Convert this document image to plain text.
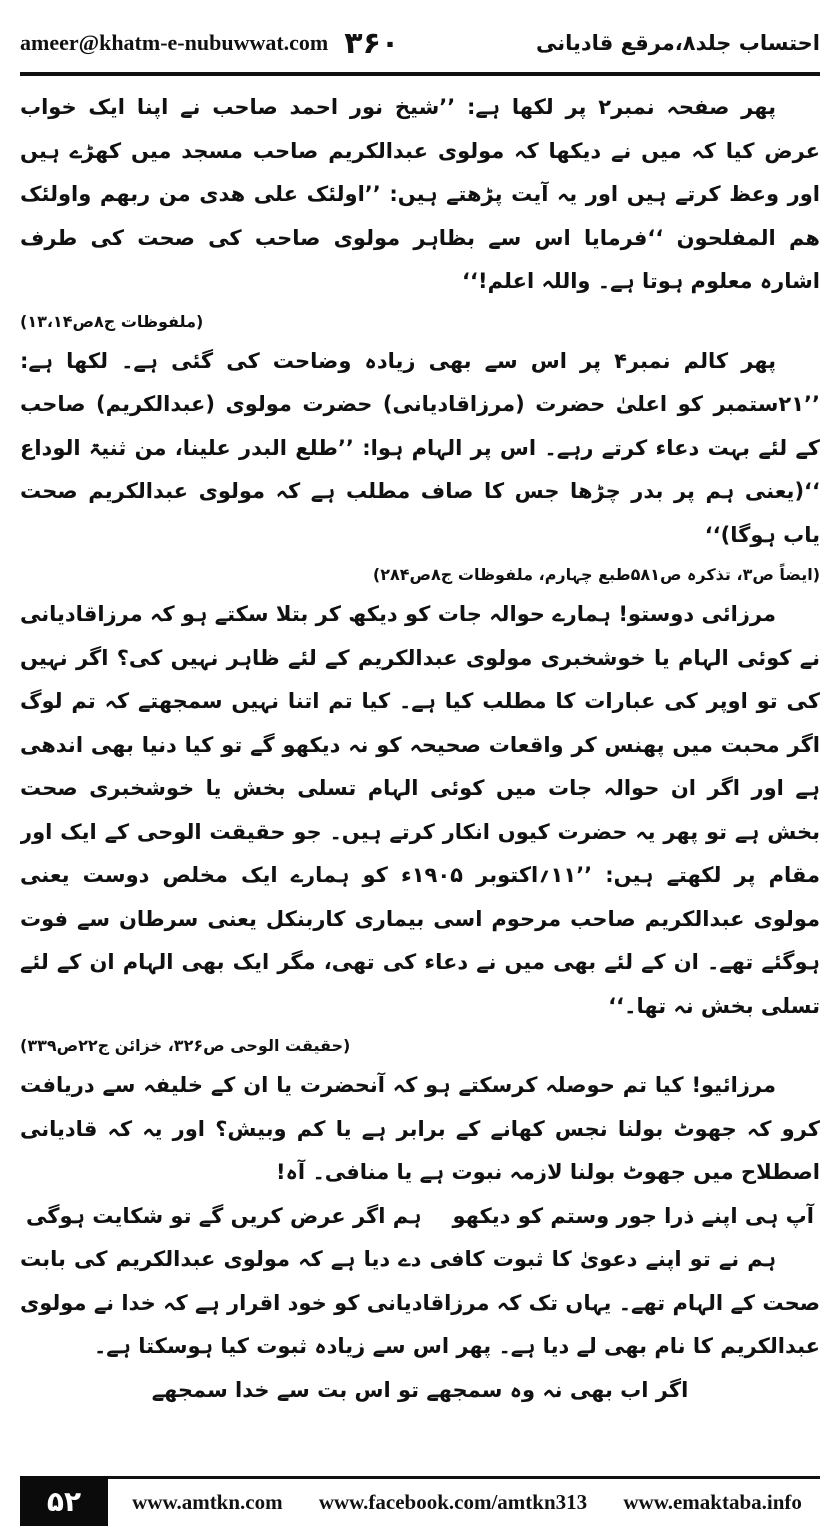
ameer@khatm-e-nubuwwat.com ۳۶۰	احتساب جلد۸،مرقع قادیانی

پھر صفحہ نمبر۲ پر لکھا ہے: ’’شیخ نور احمد صاحب نے اپنا ایک خواب عرض کیا کہ میں نے دیکھا کہ مولوی عبدالکریم صاحب مسجد میں کھڑے ہیں اور وعظ کرتے ہیں اور یہ آیت پڑھتے ہیں: ’’اولئک علی ھدی من ربھم واولئک ھم المفلحون ‘‘فرمایا اس سے بظاہر مولوی صاحب کی صحت کی طرف اشارہ معلوم ہوتا ہے۔ واللہ اعلم!‘‘

(ملفوظات ج۸ص۱۳،۱۴)

پھر کالم نمبر۴ پر اس سے بھی زیادہ وضاحت کی گئی ہے۔ لکھا ہے: ’’۲۱ستمبر کو اعلیٰ حضرت (مرزاقادیانی) حضرت مولوی (عبدالکریم) صاحب کے لئے بہت دعاء کرتے رہے۔ اس پر الہام ہوا: ’’طلع البدر علینا، من ثنیۃ الوداع ‘‘(یعنی ہم پر بدر چڑھا جس کا صاف مطلب ہے کہ مولوی عبدالکریم صحت یاب ہوگا)‘‘

(ایضاً ص۳، تذکرہ ص۵۸۱طبع چہارم، ملفوظات ج۸ص۲۸۴)

مرزائی دوستو! ہمارے حوالہ جات کو دیکھ کر بتلا سکتے ہو کہ مرزاقادیانی نے کوئی الہام یا خوشخبری مولوی عبدالکریم کے لئے ظاہر نہیں کی؟ اگر نہیں کی تو اوپر کی عبارات کا مطلب کیا ہے۔ کیا تم اتنا نہیں سمجھتے کہ تم لوگ اگر محبت میں پھنس کر واقعات صحیحہ کو نہ دیکھو گے تو کیا دنیا بھی اندھی ہے اور اگر ان حوالہ جات میں کوئی الہام تسلی بخش یا خوشخبری صحت بخش ہے تو پھر یہ حضرت کیوں انکار کرتے ہیں۔ جو حقیقت الوحی کے ایک اور مقام پر لکھتے ہیں: ’’۱۱؍اکتوبر ۱۹۰۵ء کو ہمارے ایک مخلص دوست یعنی مولوی عبدالکریم صاحب مرحوم اسی بیماری کاربنکل یعنی سرطان سے فوت ہوگئے تھے۔ ان کے لئے بھی میں نے دعاء کی تھی، مگر ایک بھی الہام ان کے لئے تسلی بخش نہ تھا۔‘‘

(حقیقت الوحی ص۳۲۶، خزائن ج۲۲ص۳۳۹)

مرزائیو! کیا تم حوصلہ کرسکتے ہو کہ آنحضرت یا ان کے خلیفہ سے دریافت کرو کہ جھوٹ بولنا نجس کھانے کے برابر ہے یا کم وبیش؟ اور یہ کہ قادیانی اصطلاح میں جھوٹ بولنا لازمہ نبوت ہے یا منافی۔ آہ!

آپ ہی اپنے ذرا جور وستم کو دیکھو
ہم اگر عرض کریں گے تو شکایت ہوگی

ہم نے تو اپنے دعویٰ کا ثبوت کافی دے دیا ہے کہ مولوی عبدالکریم کی بابت صحت کے الہام تھے۔ یہاں تک کہ مرزاقادیانی کو خود اقرار ہے کہ خدا نے مولوی عبدالکریم کا نام بھی لے دیا ہے۔ پھر اس سے زیادہ ثبوت کیا ہوسکتا ہے۔

اگر اب بھی نہ وہ سمجھے تو اس بت سے خدا سمجھے

۵۲	www.amtkn.com www.facebook.com/amtkn313 www.emaktaba.info
